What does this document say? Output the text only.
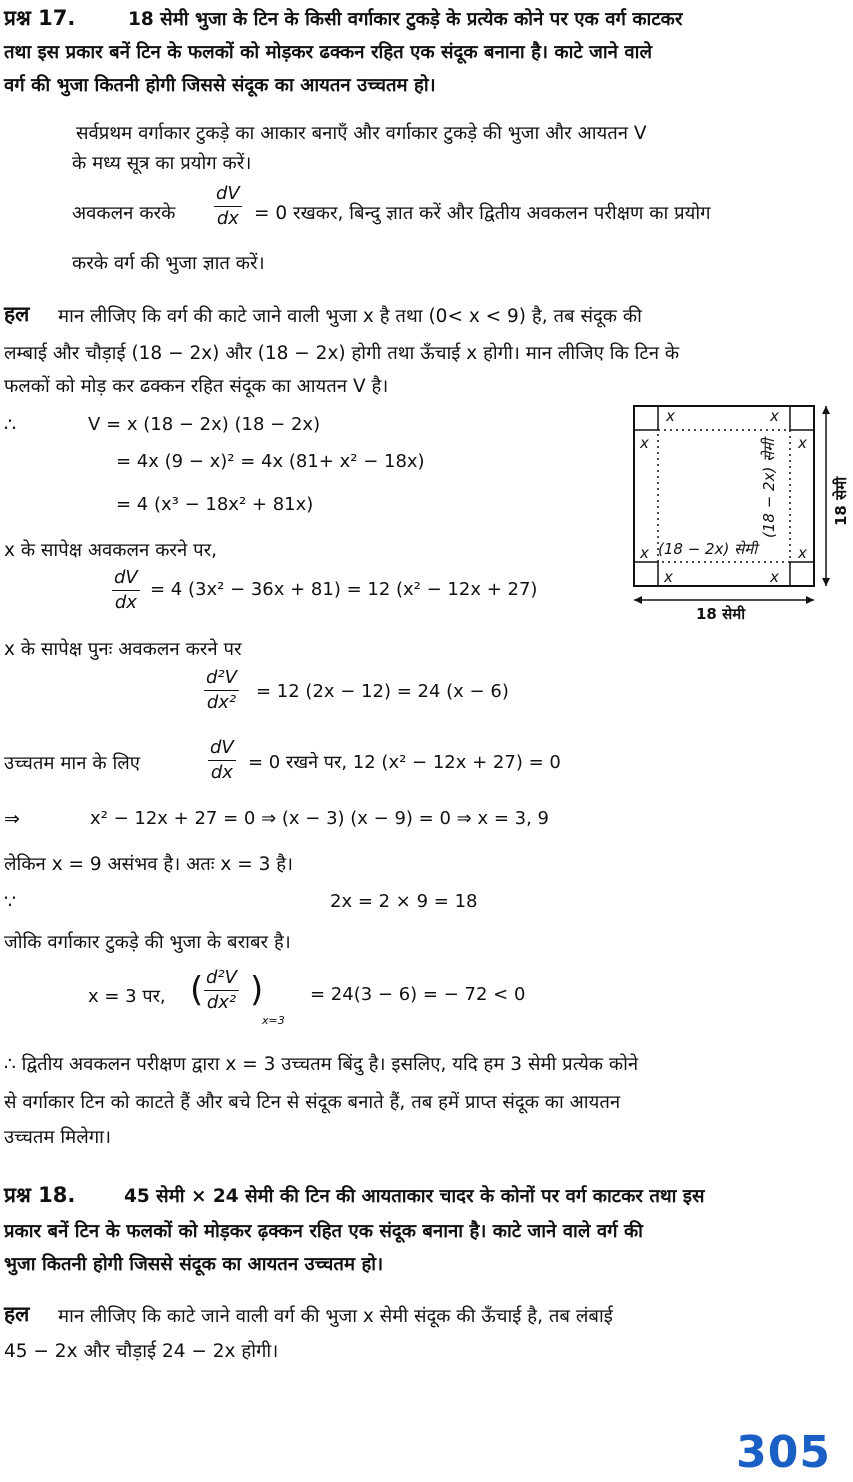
प्रश्न 17.	18 सेमी भुजा के टिन के किसी वर्गाकार टुकड़े के प्रत्येक कोने पर एक वर्ग काटकर
तथा इस प्रकार बनें टिन के फलकों को मोड़कर ढक्कन रहित एक संदूक बनाना है। काटे जाने वाले
वर्ग की भुजा कितनी होगी जिससे संदूक का आयतन उच्चतम हो।
सर्वप्रथम वर्गाकार टुकड़े का आकार बनाएँ और वर्गाकार टुकड़े की भुजा और आयतन V
के मध्य सूत्र का प्रयोग करें।
अवकलन करके $\frac{dV}{dx} = 0$ रखकर, बिन्दु ज्ञात करें और द्वितीय अवकलन परीक्षण का प्रयोग
करके वर्ग की भुजा ज्ञात करें।
हल मान लीजिए कि वर्ग की काटे जाने वाली भुजा x है तथा (0< x < 9) है, तब संदूक की
लम्बाई और चौड़ाई (18 − 2x) और (18 − 2x) होगी तथा ऊँचाई x होगी। मान लीजिए कि टिन के
फलकों को मोड़ कर ढक्कन रहित संदूक का आयतन V है।
∴	V = x (18 − 2x) (18 − 2x)
= 4x (9 − x)² = 4x (81+ x² − 18x)
= 4 (x³ − 18x² + 81x)
x के सापेक्ष अवकलन करने पर,
$\frac{dV}{dx} = 4$ (3x² − 36x + 81) = 12 (x² − 12x + 27)
x के सापेक्ष पुनः अवकलन करने पर
$\frac{\text{d²V}}{\text{dx²}} = 12$ (2x − 12) = 24 (x − 6)
उच्चतम मान के लिए	$\frac{dV}{dx} = 0$ रखने पर, 12 (x² − 12x + 27) = 0
⇒	x² − 12x + 27 = 0 ⇒ (x − 3) (x − 9) = 0 ⇒ x = 3, 9
लेकिन x = 9 असंभव है। अतः x = 3 है।
∵	2x = 2 × 9 = 18
जोकि वर्गाकार टुकड़े की भुजा के बराबर है।
x = 3 पर, ( $\frac{\text{d²V}}{\text{dx²}}$ )
x=3
= 24(3 − 6) = − 72 < 0
∴ द्वितीय अवकलन परीक्षण द्वारा x = 3 उच्चतम बिंदु है। इसलिए, यदि हम 3 सेमी प्रत्येक कोने
से वर्गाकार टिन को काटते हैं और बचे टिन से संदूक बनाते हैं, तब हमें प्राप्त संदूक का आयतन
उच्चतम मिलेगा।
x	x
x	x
x	x
x	x
(18 − 2x) सेमी
(18 − 2x) सेमी
18 सेमी
18 सेमी
प्रश्न 18.	45 सेमी × 24 सेमी की टिन की आयताकार चादर के कोनों पर वर्ग काटकर तथा इस
प्रकार बनें टिन के फलकों को मोड़कर ढ़क्कन रहित एक संदूक बनाना है। काटे जाने वाले वर्ग की
भुजा कितनी होगी जिससे संदूक का आयतन उच्चतम हो।
हल मान लीजिए कि काटे जाने वाली वर्ग की भुजा x सेमी संदूक की ऊँचाई है, तब लंबाई
45 − 2x और चौड़ाई 24 − 2x होगी।
305
